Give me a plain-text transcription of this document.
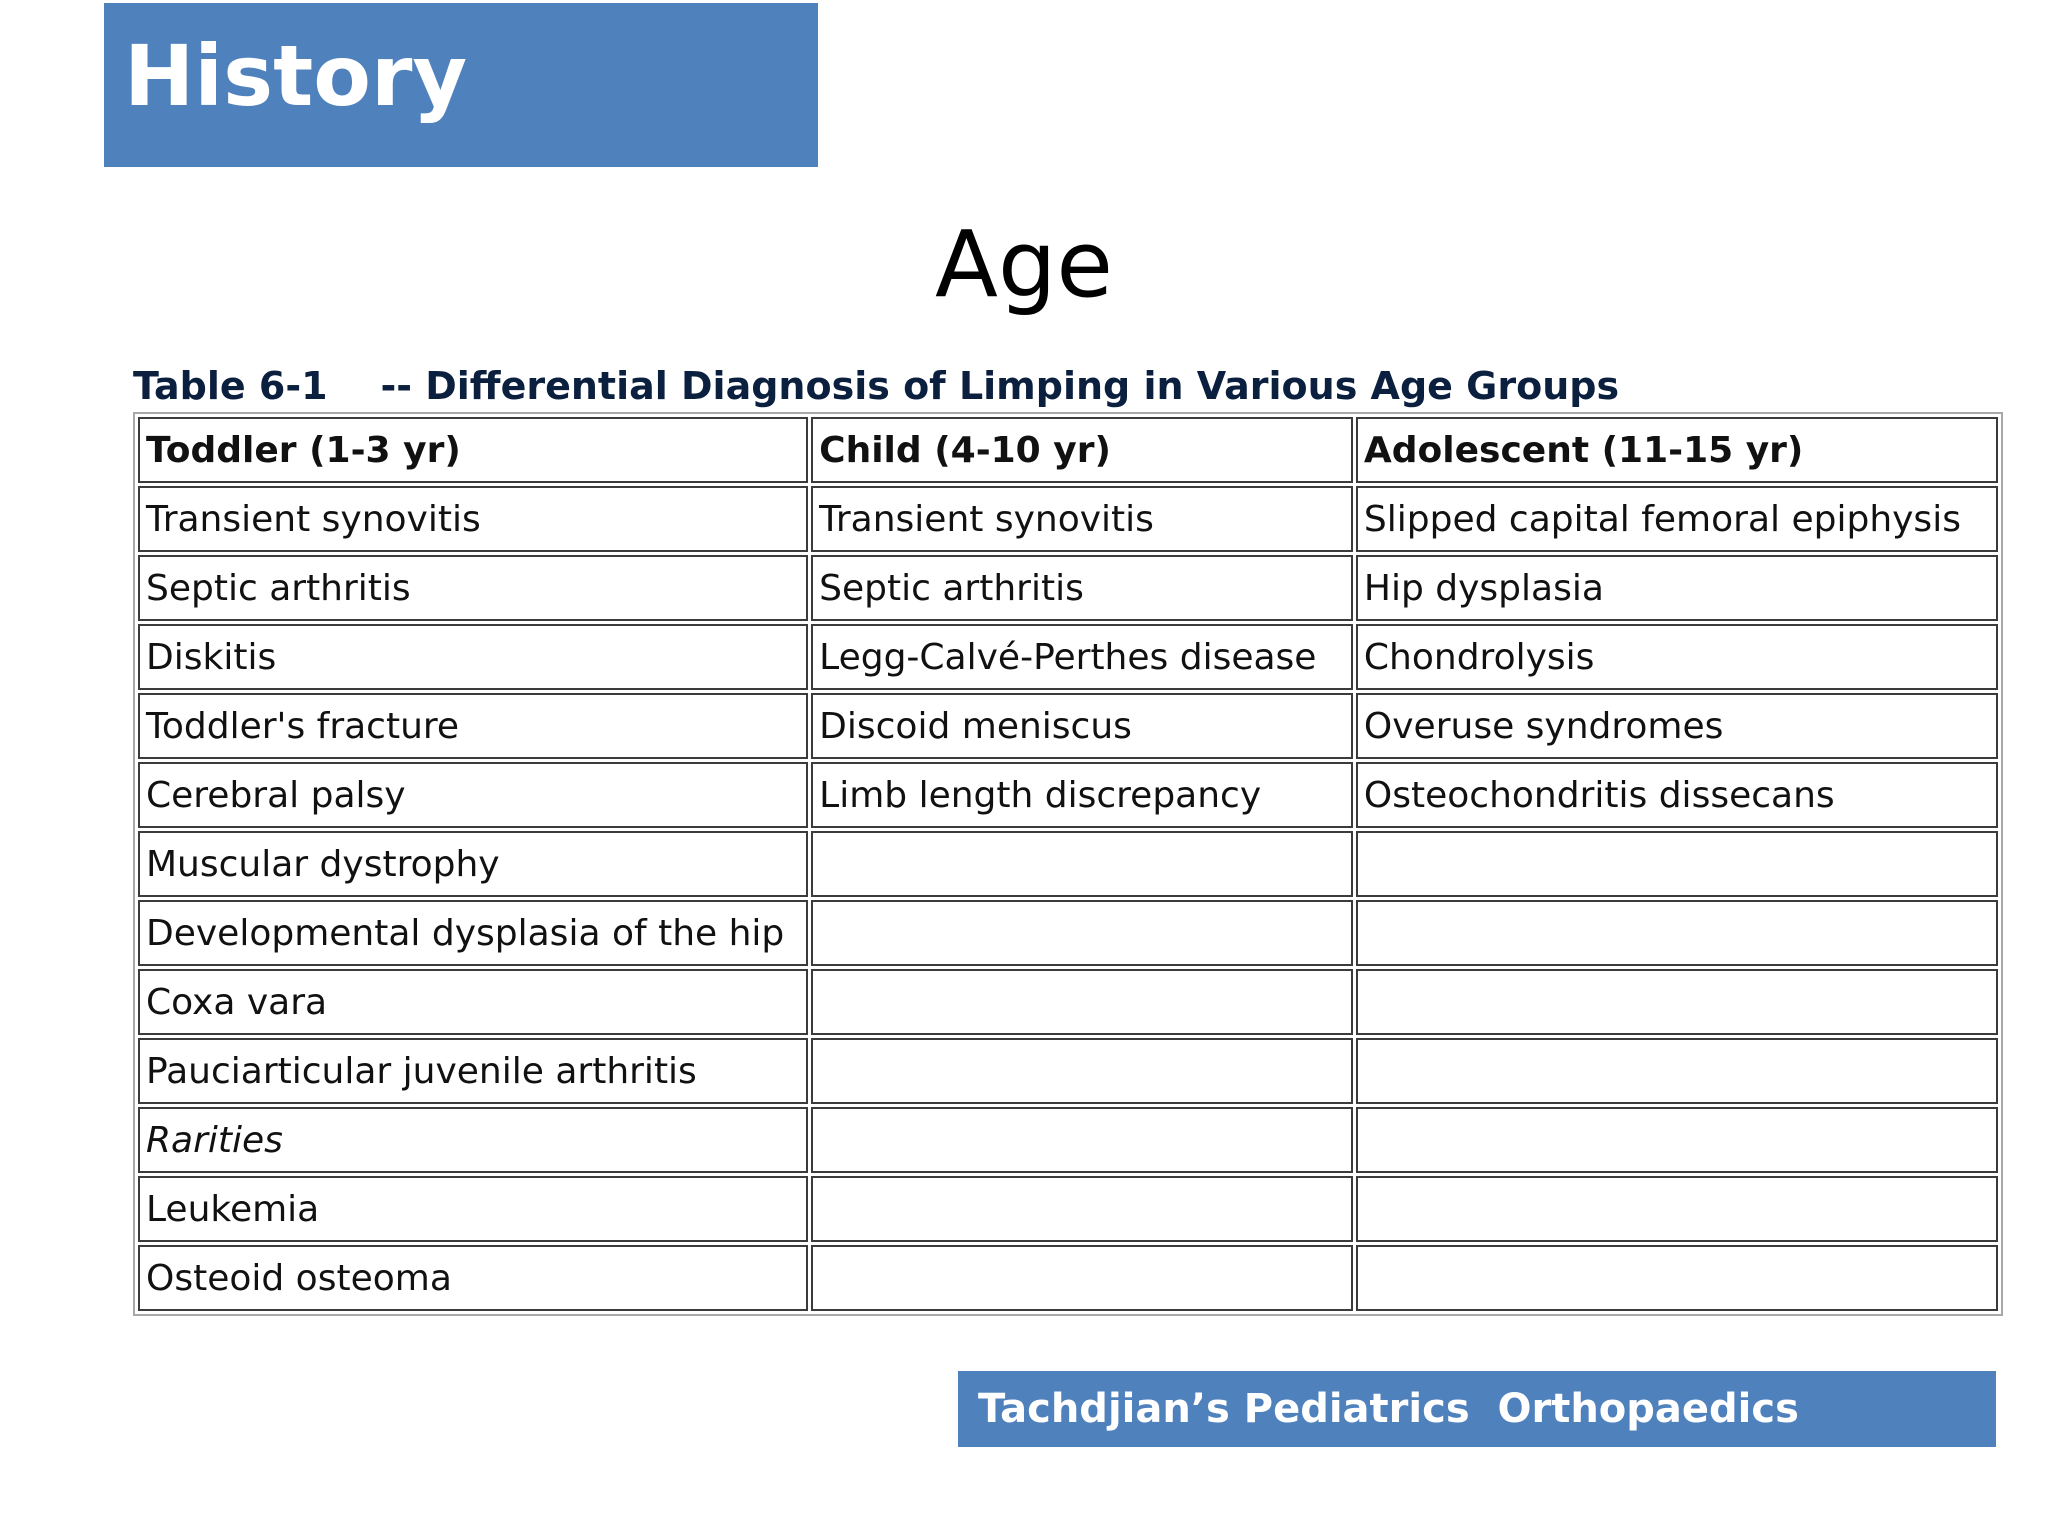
History
Age
Table 6-1    -- Differential Diagnosis of Limping in Various Age Groups
Toddler (1-3 yr)	Child (4-10 yr)	Adolescent (11-15 yr)
Transient synovitis	Transient synovitis	Slipped capital femoral epiphysis
Septic arthritis	Septic arthritis	Hip dysplasia
Diskitis	Legg-Calvé-Perthes disease	Chondrolysis
Toddler's fracture	Discoid meniscus	Overuse syndromes
Cerebral palsy	Limb length discrepancy	Osteochondritis dissecans
Muscular dystrophy		
Developmental dysplasia of the hip		
Coxa vara		
Pauciarticular juvenile arthritis		
Rarities		
Leukemia		
Osteoid osteoma		
Tachdjian’s Pediatrics  Orthopaedics
